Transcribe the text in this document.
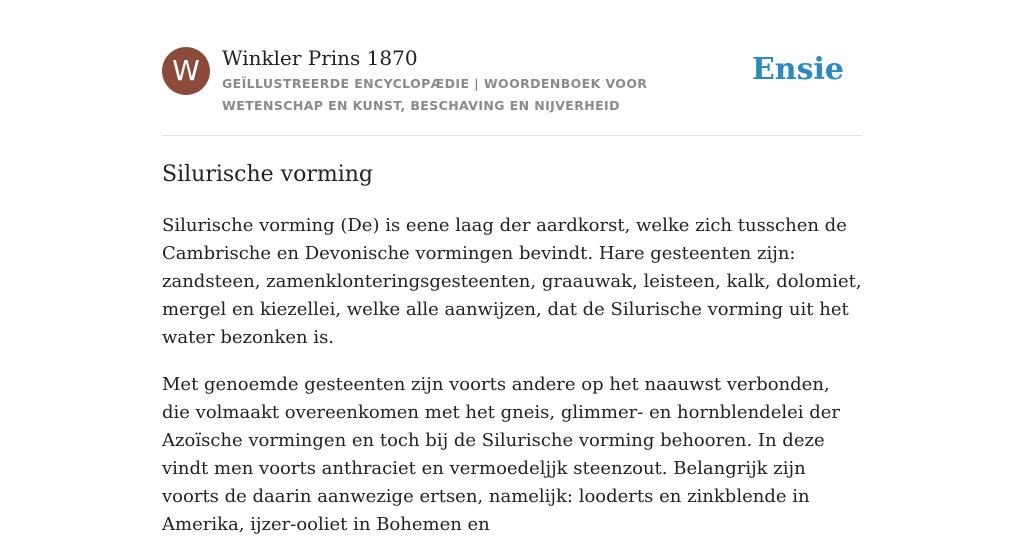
W	Winkler Prins 1870
GEÏLLUSTREERDE ENCYCLOPÆDIE | WOORDENBOEK VOOR WETENSCHAP EN KUNST, BESCHAVING EN NIJVERHEID
Ensie
Silurische vorming

Silurische vorming (De) is eene laag der aardkorst, welke zich tusschen de Cambrische en Devonische vormingen bevindt. Hare gesteenten zijn: zandsteen, zamenklonteringsgesteenten, graauwak, leisteen, kalk, dolomiet, mergel en kiezellei, welke alle aanwijzen, dat de Silurische vorming uit het water bezonken is.

Met genoemde gesteenten zijn voorts andere op het naauwst verbonden, die volmaakt overeenkomen met het gneis, glimmer- en hornblendelei der Azoïsche vormingen en toch bij de Silurische vorming behooren. In deze vindt men voorts anthraciet en vermoedeljjk steenzout. Belangrijk zijn voorts de daarin aanwezige ertsen, namelijk: looderts en zinkblende in Amerika, ijzer-ooliet in Bohemen en
